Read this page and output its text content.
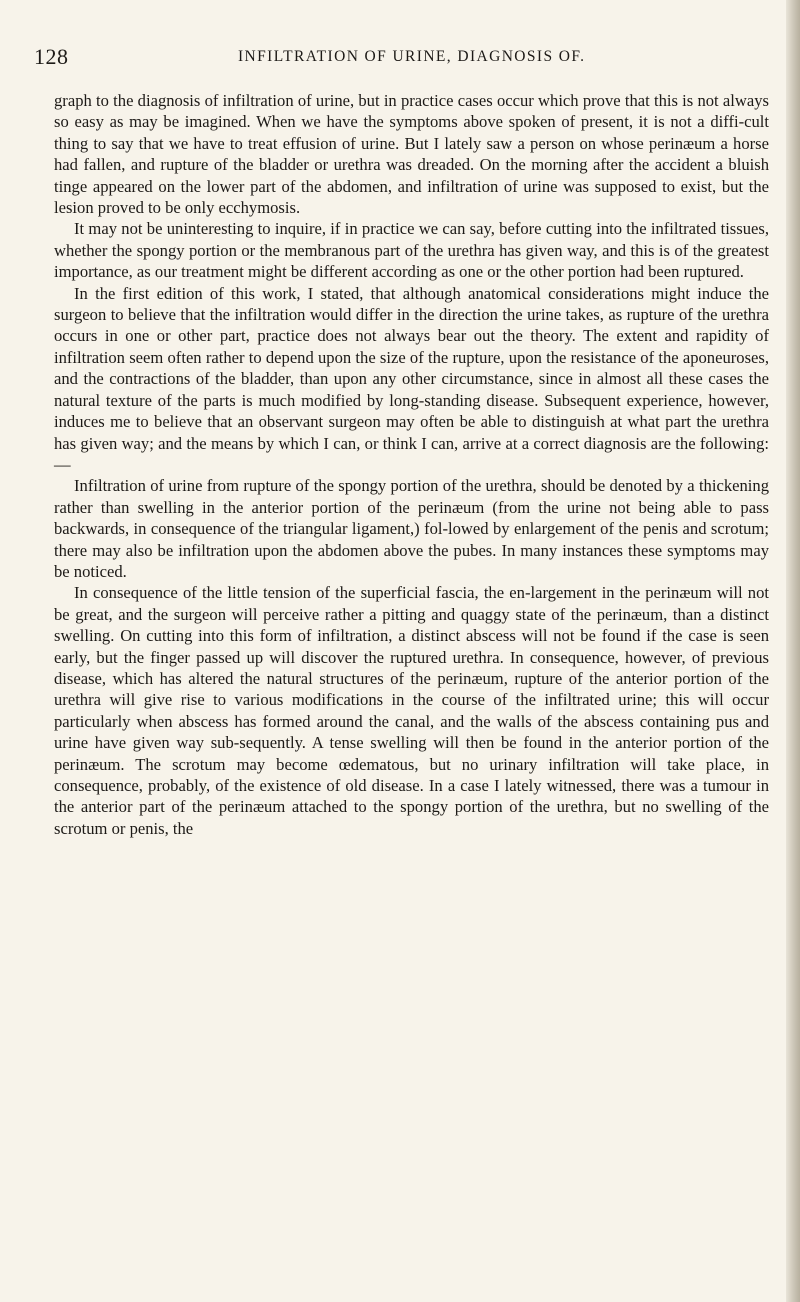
128	INFILTRATION OF URINE, DIAGNOSIS OF.

graph to the diagnosis of infiltration of urine, but in practice cases occur which prove that this is not always so easy as may be imagined. When we have the symptoms above spoken of present, it is not a diffi-cult thing to say that we have to treat effusion of urine. But I lately saw a person on whose perinæum a horse had fallen, and rupture of the bladder or urethra was dreaded. On the morning after the accident a bluish tinge appeared on the lower part of the abdomen, and infiltration of urine was supposed to exist, but the lesion proved to be only ecchymosis.

It may not be uninteresting to inquire, if in practice we can say, before cutting into the infiltrated tissues, whether the spongy portion or the membranous part of the urethra has given way, and this is of the greatest importance, as our treatment might be different according as one or the other portion had been ruptured.

In the first edition of this work, I stated, that although anatomical considerations might induce the surgeon to believe that the infiltration would differ in the direction the urine takes, as rupture of the urethra occurs in one or other part, practice does not always bear out the theory. The extent and rapidity of infiltration seem often rather to depend upon the size of the rupture, upon the resistance of the aponeuroses, and the contractions of the bladder, than upon any other circumstance, since in almost all these cases the natural texture of the parts is much modified by long-standing disease. Subsequent experience, however, induces me to believe that an observant surgeon may often be able to distinguish at what part the urethra has given way; and the means by which I can, or think I can, arrive at a correct diagnosis are the following:—

Infiltration of urine from rupture of the spongy portion of the urethra, should be denoted by a thickening rather than swelling in the anterior portion of the perinæum (from the urine not being able to pass backwards, in consequence of the triangular ligament,) fol-lowed by enlargement of the penis and scrotum; there may also be infiltration upon the abdomen above the pubes. In many instances these symptoms may be noticed.

In consequence of the little tension of the superficial fascia, the en-largement in the perinæum will not be great, and the surgeon will perceive rather a pitting and quaggy state of the perinæum, than a distinct swelling. On cutting into this form of infiltration, a distinct abscess will not be found if the case is seen early, but the finger passed up will discover the ruptured urethra. In consequence, however, of previous disease, which has altered the natural structures of the perinæum, rupture of the anterior portion of the urethra will give rise to various modifications in the course of the infiltrated urine; this will occur particularly when abscess has formed around the canal, and the walls of the abscess containing pus and urine have given way sub-sequently. A tense swelling will then be found in the anterior portion of the perinæum. The scrotum may become œdematous, but no urinary infiltration will take place, in consequence, probably, of the existence of old disease. In a case I lately witnessed, there was a tumour in the anterior part of the perinæum attached to the spongy portion of the urethra, but no swelling of the scrotum or penis, the
